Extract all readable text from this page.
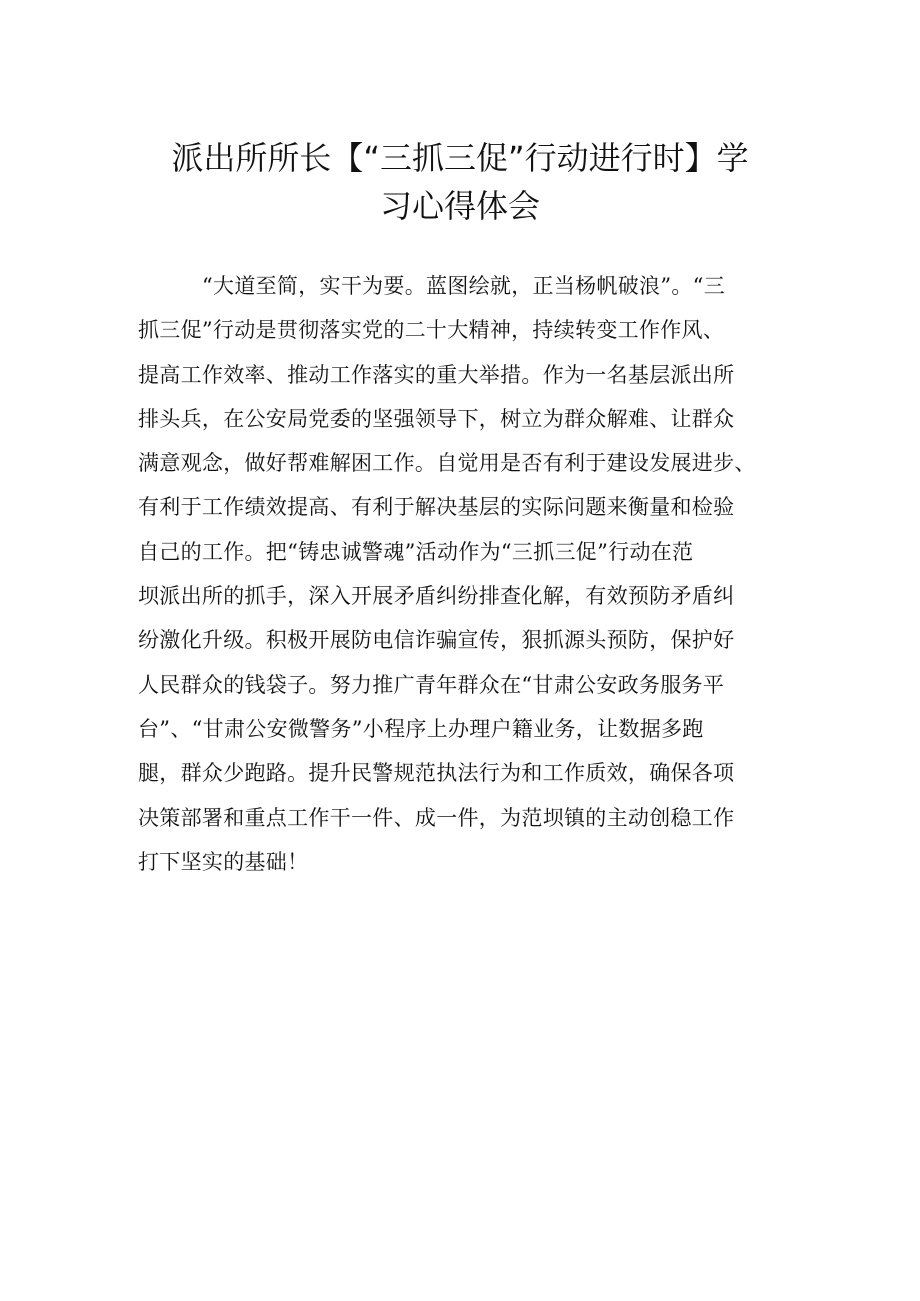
派出所所长【“三抓三促”行动进行时】学
习心得体会
“大道至简，实干为要。蓝图绘就，正当杨帆破浪”。“三
抓三促”行动是贯彻落实党的二十大精神，持续转变工作作风、
提高工作效率、推动工作落实的重大举措。作为一名基层派出所
排头兵，在公安局党委的坚强领导下，树立为群众解难、让群众
满意观念，做好帮难解困工作。自觉用是否有利于建设发展进步、
有利于工作绩效提高、有利于解决基层的实际问题来衡量和检验
自己的工作。把“铸忠诚警魂”活动作为“三抓三促”行动在范
坝派出所的抓手，深入开展矛盾纠纷排查化解，有效预防矛盾纠
纷激化升级。积极开展防电信诈骗宣传，狠抓源头预防，保护好
人民群众的钱袋子。努力推广青年群众在“甘肃公安政务服务平
台”、“甘肃公安微警务”小程序上办理户籍业务，让数据多跑
腿，群众少跑路。提升民警规范执法行为和工作质效，确保各项
决策部署和重点工作干一件、成一件，为范坝镇的主动创稳工作
打下坚实的基础！
